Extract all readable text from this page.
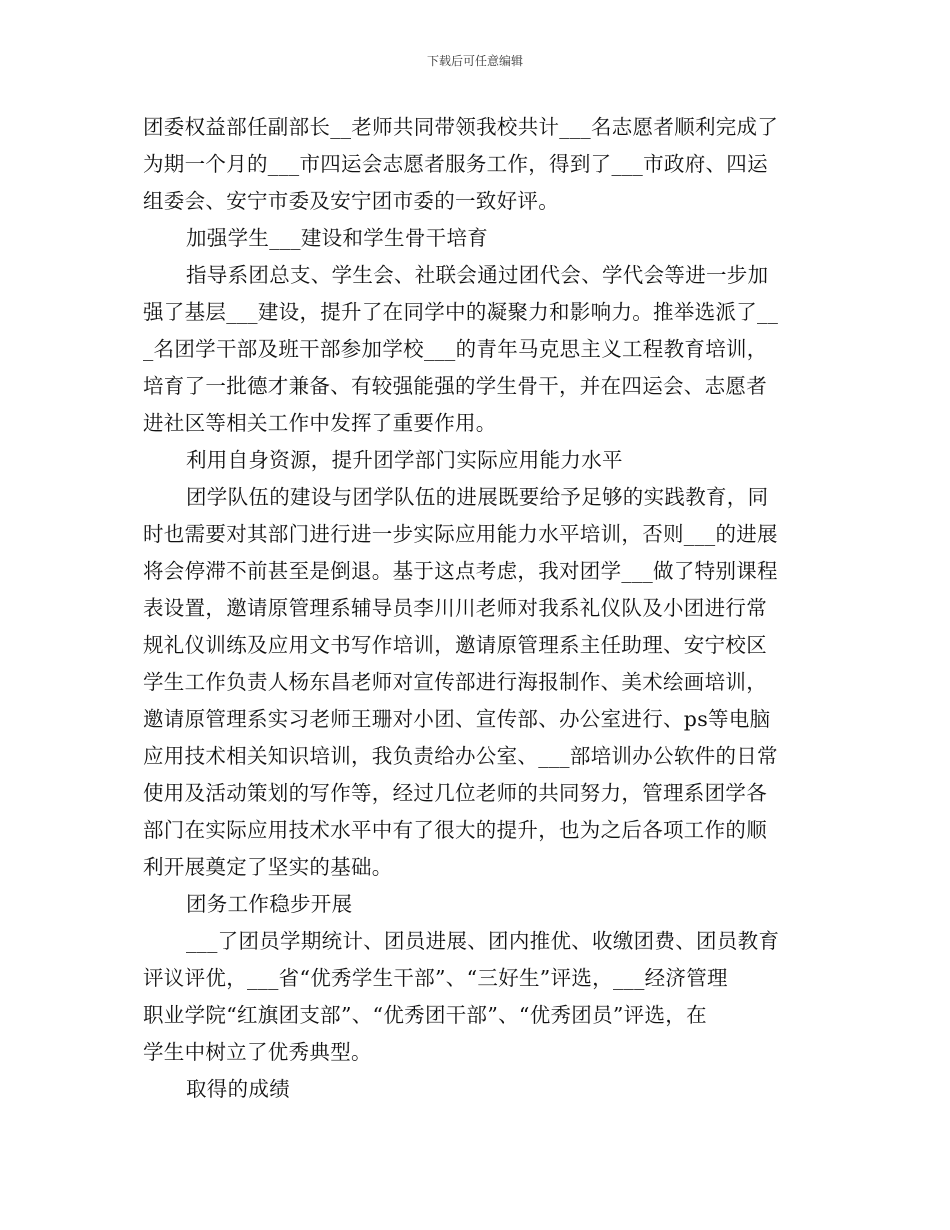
下载后可任意编辑
团委权益部任副部长__老师共同带领我校共计___名志愿者顺利完成了
为期一个月的___市四运会志愿者服务工作，得到了___市政府、四运
组委会、安宁市委及安宁团市委的一致好评。
加强学生___建设和学生骨干培育
指导系团总支、学生会、社联会通过团代会、学代会等进一步加
强了基层___建设，提升了在同学中的凝聚力和影响力。推举选派了__
_名团学干部及班干部参加学校___的青年马克思主义工程教育培训，
培育了一批德才兼备、有较强能强的学生骨干，并在四运会、志愿者
进社区等相关工作中发挥了重要作用。
利用自身资源，提升团学部门实际应用能力水平
团学队伍的建设与团学队伍的进展既要给予足够的实践教育，同
时也需要对其部门进行进一步实际应用能力水平培训，否则___的进展
将会停滞不前甚至是倒退。基于这点考虑，我对团学___做了特别课程
表设置，邀请原管理系辅导员李川川老师对我系礼仪队及小团进行常
规礼仪训练及应用文书写作培训，邀请原管理系主任助理、安宁校区
学生工作负责人杨东昌老师对宣传部进行海报制作、美术绘画培训，
邀请原管理系实习老师王珊对小团、宣传部、办公室进行、ps等电脑
应用技术相关知识培训，我负责给办公室、___部培训办公软件的日常
使用及活动策划的写作等，经过几位老师的共同努力，管理系团学各
部门在实际应用技术水平中有了很大的提升，也为之后各项工作的顺
利开展奠定了坚实的基础。
团务工作稳步开展
___了团员学期统计、团员进展、团内推优、收缴团费、团员教育
评议评优，___省“优秀学生干部”、“三好生”评选，___经济管理
职业学院“红旗团支部”、“优秀团干部”、“优秀团员”评选，在
学生中树立了优秀典型。
取得的成绩
